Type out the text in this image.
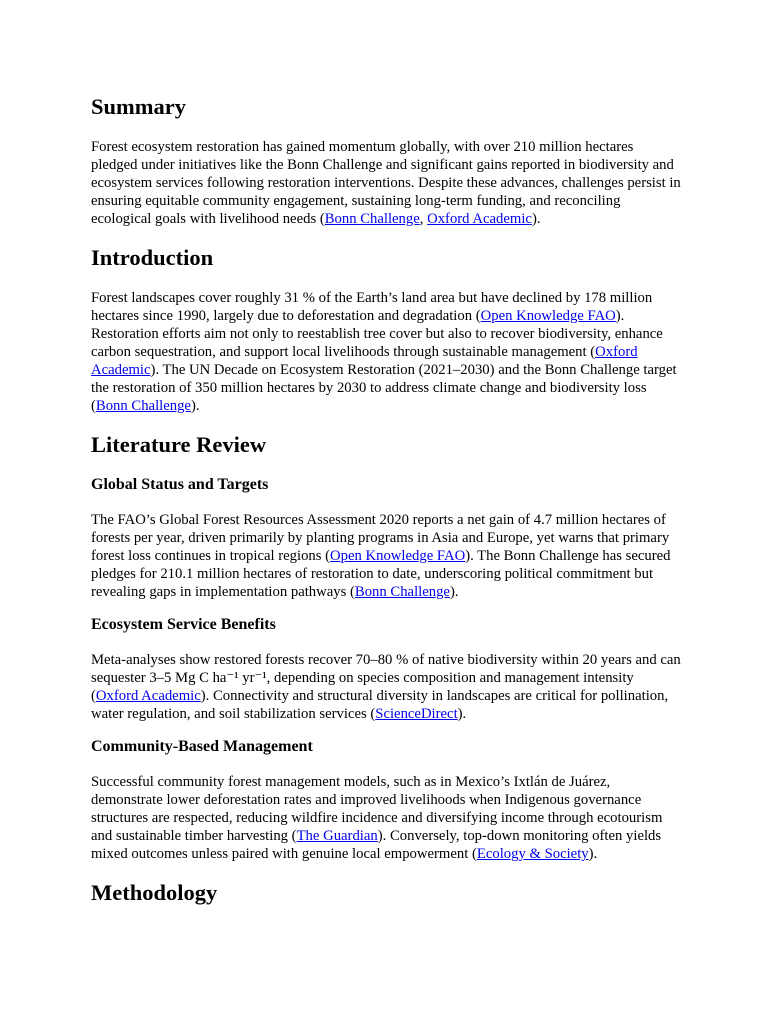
Summary

Forest ecosystem restoration has gained momentum globally, with over 210 million hectares pledged under initiatives like the Bonn Challenge and significant gains reported in biodiversity and ecosystem services following restoration interventions. Despite these advances, challenges persist in ensuring equitable community engagement, sustaining long-term funding, and reconciling ecological goals with livelihood needs (Bonn Challenge, Oxford Academic).

Introduction

Forest landscapes cover roughly 31 % of the Earth’s land area but have declined by 178 million hectares since 1990, largely due to deforestation and degradation (Open Knowledge FAO). Restoration efforts aim not only to reestablish tree cover but also to recover biodiversity, enhance carbon sequestration, and support local livelihoods through sustainable management (Oxford Academic). The UN Decade on Ecosystem Restoration (2021–2030) and the Bonn Challenge target the restoration of 350 million hectares by 2030 to address climate change and biodiversity loss (Bonn Challenge).

Literature Review
Global Status and Targets

The FAO’s Global Forest Resources Assessment 2020 reports a net gain of 4.7 million hectares of forests per year, driven primarily by planting programs in Asia and Europe, yet warns that primary forest loss continues in tropical regions (Open Knowledge FAO). The Bonn Challenge has secured pledges for 210.1 million hectares of restoration to date, underscoring political commitment but revealing gaps in implementation pathways (Bonn Challenge).

Ecosystem Service Benefits

Meta-analyses show restored forests recover 70–80 % of native biodiversity within 20 years and can sequester 3–5 Mg C ha⁻¹ yr⁻¹, depending on species composition and management intensity (Oxford Academic). Connectivity and structural diversity in landscapes are critical for pollination, water regulation, and soil stabilization services (ScienceDirect).

Community-Based Management

Successful community forest management models, such as in Mexico’s Ixtlán de Juárez, demonstrate lower deforestation rates and improved livelihoods when Indigenous governance structures are respected, reducing wildfire incidence and diversifying income through ecotourism and sustainable timber harvesting (The Guardian). Conversely, top-down monitoring often yields mixed outcomes unless paired with genuine local empowerment (Ecology & Society).

Methodology
